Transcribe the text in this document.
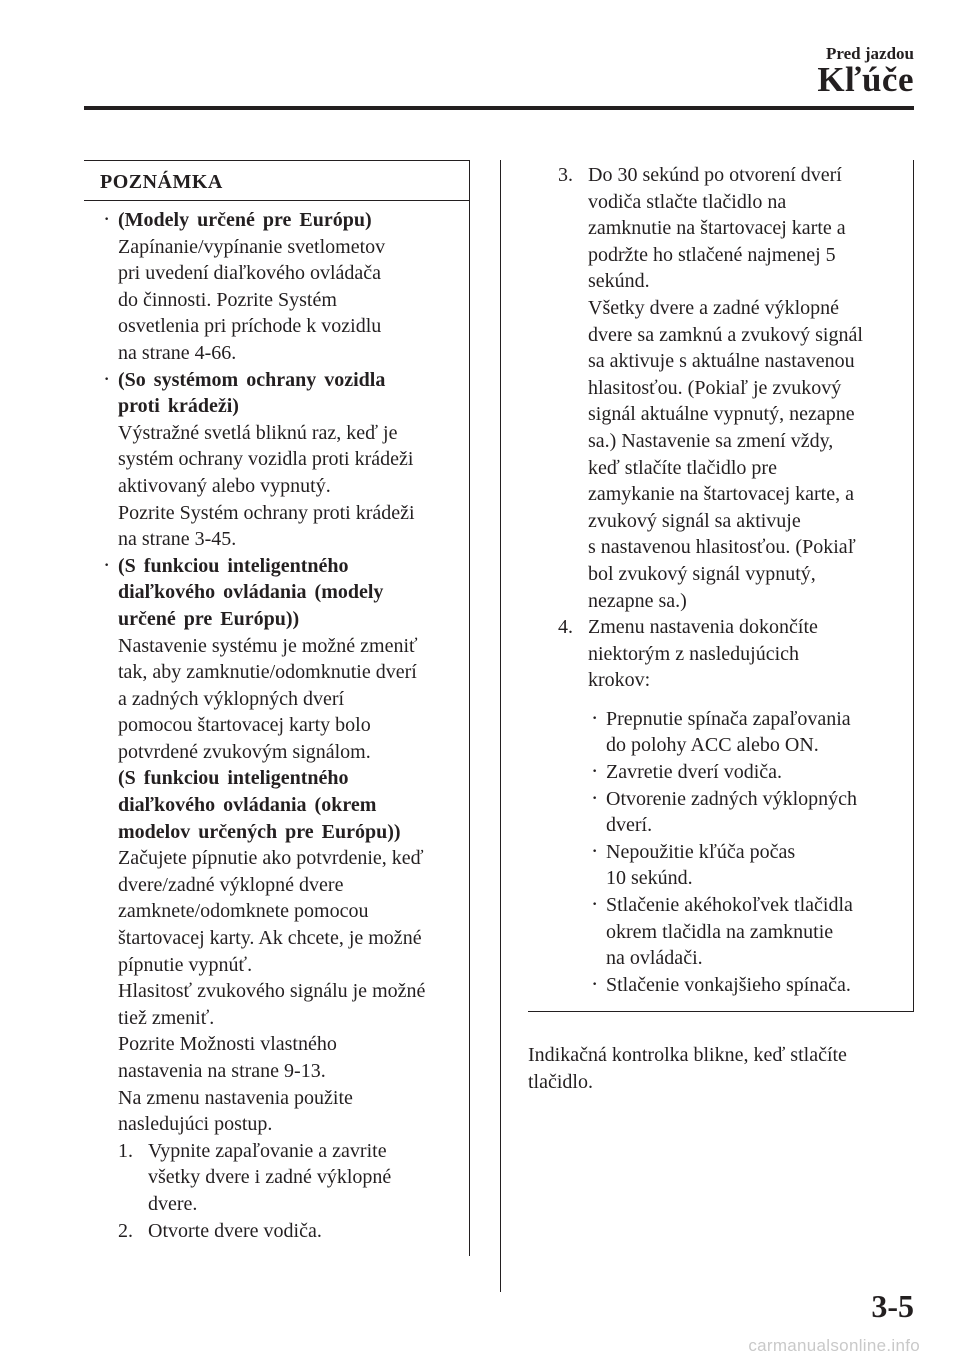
Pred jazdou
Kľúče
POZNÁMKA
· (Modely určené pre Európu)
Zapínanie/vypínanie svetlometov
pri uvedení diaľkového ovládača
do činnosti. Pozrite Systém
osvetlenia pri príchode k vozidlu
na strane 4-66.
· (So systémom ochrany vozidla
proti krádeži)
Výstražné svetlá bliknú raz, keď je
systém ochrany vozidla proti krádeži
aktivovaný alebo vypnutý.
Pozrite Systém ochrany proti krádeži
na strane 3-45.
· (S funkciou inteligentného
diaľkového ovládania (modely
určené pre Európu))
Nastavenie systému je možné zmeniť
tak, aby zamknutie/odomknutie dverí
a zadných výklopných dverí
pomocou štartovacej karty bolo
potvrdené zvukovým signálom.
(S funkciou inteligentného
diaľkového ovládania (okrem
modelov určených pre Európu))
Začujete pípnutie ako potvrdenie, keď
dvere/zadné výklopné dvere
zamknete/odomknete pomocou
štartovacej karty. Ak chcete, je možné
pípnutie vypnúť.
Hlasitosť zvukového signálu je možné
tiež zmeniť.
Pozrite Možnosti vlastného
nastavenia na strane 9-13.
Na zmenu nastavenia použite
nasledujúci postup.
1. Vypnite zapaľovanie a zavrite
všetky dvere i zadné výklopné
dvere.
2. Otvorte dvere vodiča.
3. Do 30 sekúnd po otvorení dverí
vodiča stlačte tlačidlo na
zamknutie na štartovacej karte a
podržte ho stlačené najmenej 5
sekúnd.
Všetky dvere a zadné výklopné
dvere sa zamknú a zvukový signál
sa aktivuje s aktuálne nastavenou
hlasitosťou. (Pokiaľ je zvukový
signál aktuálne vypnutý, nezapne
sa.) Nastavenie sa zmení vždy,
keď stlačíte tlačidlo pre
zamykanie na štartovacej karte, a
zvukový signál sa aktivuje
s nastavenou hlasitosťou. (Pokiaľ
bol zvukový signál vypnutý,
nezapne sa.)
4. Zmenu nastavenia dokončíte
niektorým z nasledujúcich
krokov:
· Prepnutie spínača zapaľovania
do polohy ACC alebo ON.
· Zavretie dverí vodiča.
· Otvorenie zadných výklopných
dverí.
· Nepoužitie kľúča počas
10 sekúnd.
· Stlačenie akéhokoľvek tlačidla
okrem tlačidla na zamknutie
na ovládači.
· Stlačenie vonkajšieho spínača.
Indikačná kontrolka blikne, keď stlačíte
tlačidlo.
3-5
carmanualsonline.info
